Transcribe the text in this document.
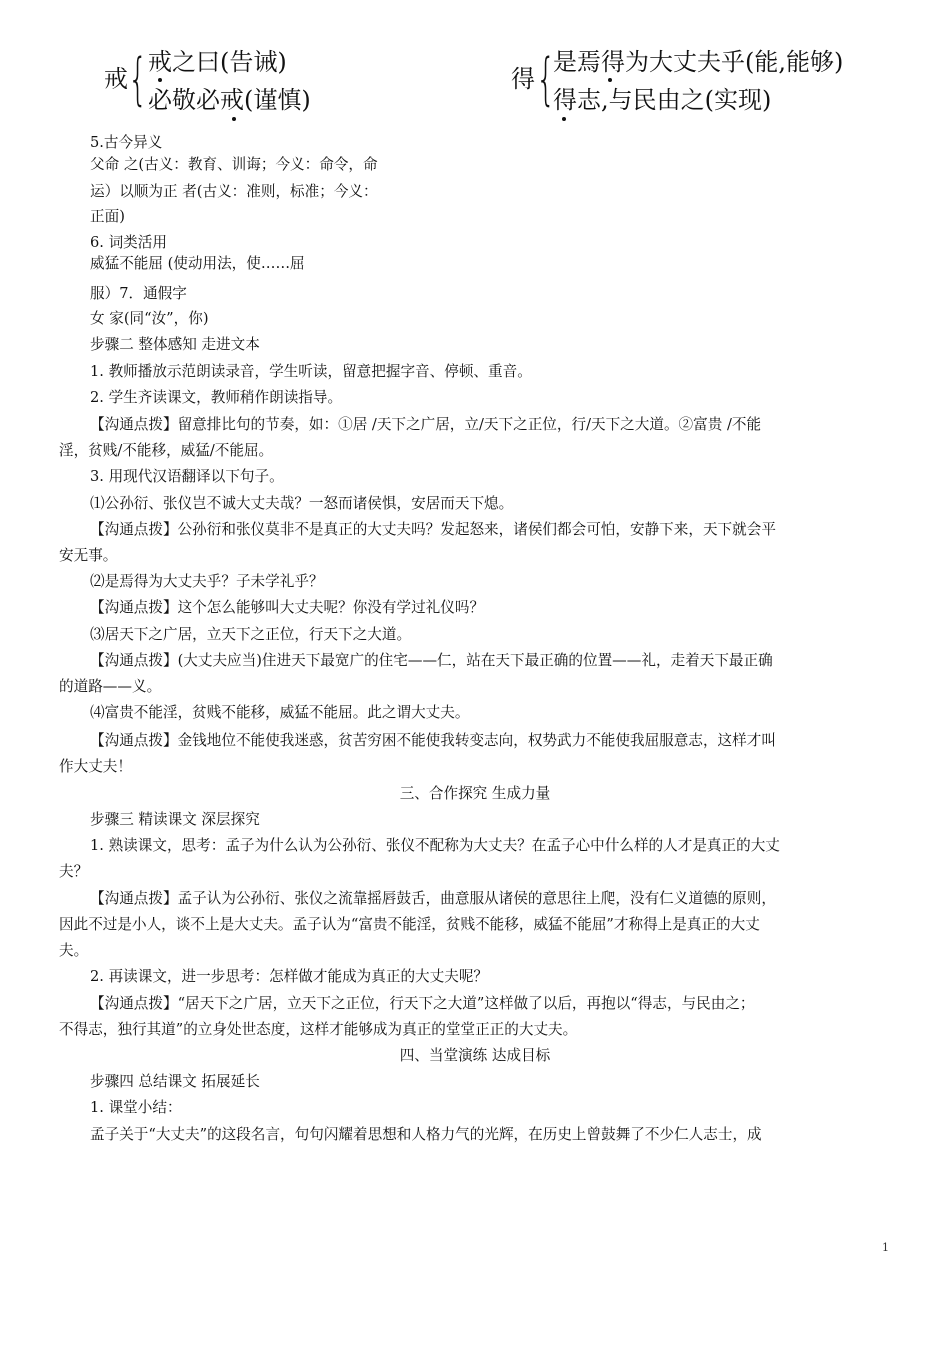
戒 { 戒之曰(告诫)
必敬必戒(谨慎)
得 {
是焉得为大丈夫乎(能,能够)
得志,与民由之(实现)
5.古今异义
父命 之(古义：教育、训诲；今义：命令，命
运）以顺为正 者(古义：准则，标准；今义：
正面)
6. 词类活用
威猛不能屈 (使动用法，使……屈
服）7．通假字
女 家(同“汝”，你)
步骤二 整体感知 走进文本
1. 教师播放示范朗读录音，学生听读，留意把握字音、停顿、重音。
2. 学生齐读课文，教师稍作朗读指导。
【沟通点拨】留意排比句的节奏，如：①居 /天下之广居，立/天下之正位，行/天下之大道。②富贵 /不能
淫，贫贱/不能移，威猛/不能屈。
3. 用现代汉语翻译以下句子。
⑴公孙衍、张仪岂不诚大丈夫哉？一怒而诸侯惧，安居而天下熄。
【沟通点拨】公孙衍和张仪莫非不是真正的大丈夫吗？发起怒来，诸侯们都会可怕，安静下来，天下就会平
安无事。
⑵是焉得为大丈夫乎？子未学礼乎？
【沟通点拨】这个怎么能够叫大丈夫呢？你没有学过礼仪吗？
⑶居天下之广居，立天下之正位，行天下之大道。
【沟通点拨】(大丈夫应当)住进天下最宽广的住宅——仁，站在天下最正确的位置——礼，走着天下最正确
的道路——义。
⑷富贵不能淫，贫贱不能移，威猛不能屈。此之谓大丈夫。
【沟通点拨】金钱地位不能使我迷惑，贫苦穷困不能使我转变志向，权势武力不能使我屈服意志，这样才叫
作大丈夫！
三、合作探究 生成力量
步骤三 精读课文 深层探究
1. 熟读课文，思考：孟子为什么认为公孙衍、张仪不配称为大丈夫？在孟子心中什么样的人才是真正的大丈
夫？
【沟通点拨】孟子认为公孙衍、张仪之流靠摇唇鼓舌，曲意服从诸侯的意思往上爬，没有仁义道德的原则，
因此不过是小人，谈不上是大丈夫。孟子认为“富贵不能淫，贫贱不能移，威猛不能屈”才称得上是真正的大丈
夫。
2. 再读课文，进一步思考：怎样做才能成为真正的大丈夫呢？
【沟通点拨】“居天下之广居，立天下之正位，行天下之大道”这样做了以后，再抱以“得志，与民由之；
不得志，独行其道”的立身处世态度，这样才能够成为真正的堂堂正正的大丈夫。
四、当堂演练 达成目标
步骤四 总结课文 拓展延长
1. 课堂小结：
孟子关于“大丈夫”的这段名言，句句闪耀着思想和人格力气的光辉，在历史上曾鼓舞了不少仁人志士，成
1
